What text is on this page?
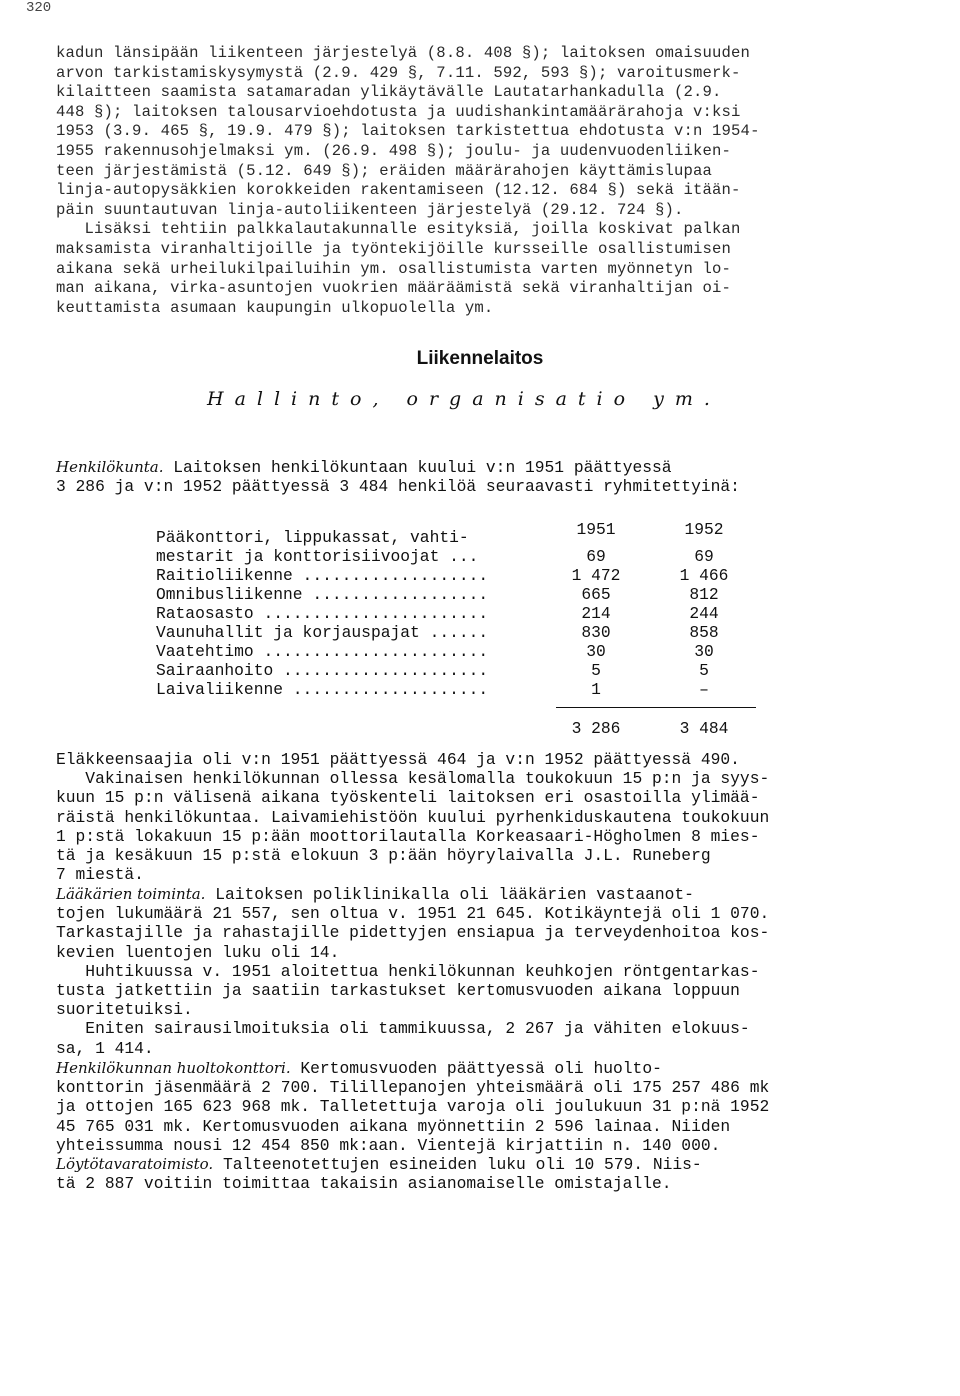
320
kadun länsipään liikenteen järjestelyä (8.8. 408 §); laitoksen omaisuuden
arvon tarkistamiskysymystä (2.9. 429 §, 7.11. 592, 593 §); varoitusmerk-
kilaitteen saamista satamaradan ylikäytävälle Lautatarhankadulla (2.9.
448 §); laitoksen talousarvioehdotusta ja uudishankintamäärärahoja v:ksi
1953 (3.9. 465 §, 19.9. 479 §); laitoksen tarkistettua ehdotusta v:n 1954-
1955 rakennusohjelmaksi ym. (26.9. 498 §); joulu- ja uudenvuodenliiken-
teen järjestämistä (5.12. 649 §); eräiden määrärahojen käyttämislupaa
linja-autopysäkkien korokkeiden rakentamiseen (12.12. 684 §) sekä itään-
päin suuntautuvan linja-autoliikenteen järjestelyä (29.12. 724 §).
Lisäksi tehtiin palkkalautakunnalle esityksiä, joilla koskivat palkan
maksamista viranhaltijoille ja työntekijöille kursseille osallistumisen
aikana sekä urheilukilpailuihin ym. osallistumista varten myönnetyn lo-
man aikana, virka-asuntojen vuokrien määräämistä sekä viranhaltijan oi-
keuttamista asumaan kaupungin ulkopuolella ym.
Liikennelaitos
Hallinto, organisatio ym.
Henkilökunta. Laitoksen henkilökuntaan kuului v:n 1951 päättyessä
3 286 ja v:n 1952 päättyessä 3 484 henkilöä seuraavasti ryhmitettyinä:
1951	1952
Pääkonttori, lippukassat, vahti-
mestarit ja konttorisiivoojat ...	69	69
Raitioliikenne ...................	1 472	1 466
Omnibusliikenne ..................	665	812
Rataosasto .......................	214	244
Vaunuhallit ja korjauspajat ......	830	858
Vaatehtimo .......................	30	30
Sairaanhoito .....................	5	5
Laivaliikenne ....................	1	–
3 286	3 484
Eläkkeensaajia oli v:n 1951 päättyessä 464 ja v:n 1952 päättyessä 490.
Vakinaisen henkilökunnan ollessa kesälomalla toukokuun 15 p:n ja syys-
kuun 15 p:n välisenä aikana työskenteli laitoksen eri osastoilla ylimää-
räistä henkilökuntaa. Laivamiehistöön kuului pyrhenkiduskautena toukokuun
1 p:stä lokakuun 15 p:ään moottorilautalla Korkeasaari-Högholmen 8 mies-
tä ja kesäkuun 15 p:stä elokuun 3 p:ään höyrylaivalla J.L. Runeberg
7 miestä.
Lääkärien toiminta. Laitoksen poliklinikalla oli lääkärien vastaanot-
tojen lukumäärä 21 557, sen oltua v. 1951 21 645. Kotikäyntejä oli 1 070.
Tarkastajille ja rahastajille pidettyjen ensiapua ja terveydenhoitoa kos-
kevien luentojen luku oli 14.
Huhtikuussa v. 1951 aloitettua henkilökunnan keuhkojen röntgentarkas-
tusta jatkettiin ja saatiin tarkastukset kertomusvuoden aikana loppuun
suoritetuiksi.
Eniten sairausilmoituksia oli tammikuussa, 2 267 ja vähiten elokuus-
sa, 1 414.
Henkilökunnan huoltokonttori. Kertomusvuoden päättyessä oli huolto-
konttorin jäsenmäärä 2 700. Tilillepanojen yhteismäärä oli 175 257 486 mk
ja ottojen 165 623 968 mk. Talletettuja varoja oli joulukuun 31 p:nä 1952
45 765 031 mk. Kertomusvuoden aikana myönnettiin 2 596 lainaa. Niiden
yhteissumma nousi 12 454 850 mk:aan. Vientejä kirjattiin n. 140 000.
Löytötavaratoimisto. Talteenotettujen esineiden luku oli 10 579. Niis-
tä 2 887 voitiin toimittaa takaisin asianomaiselle omistajalle.
